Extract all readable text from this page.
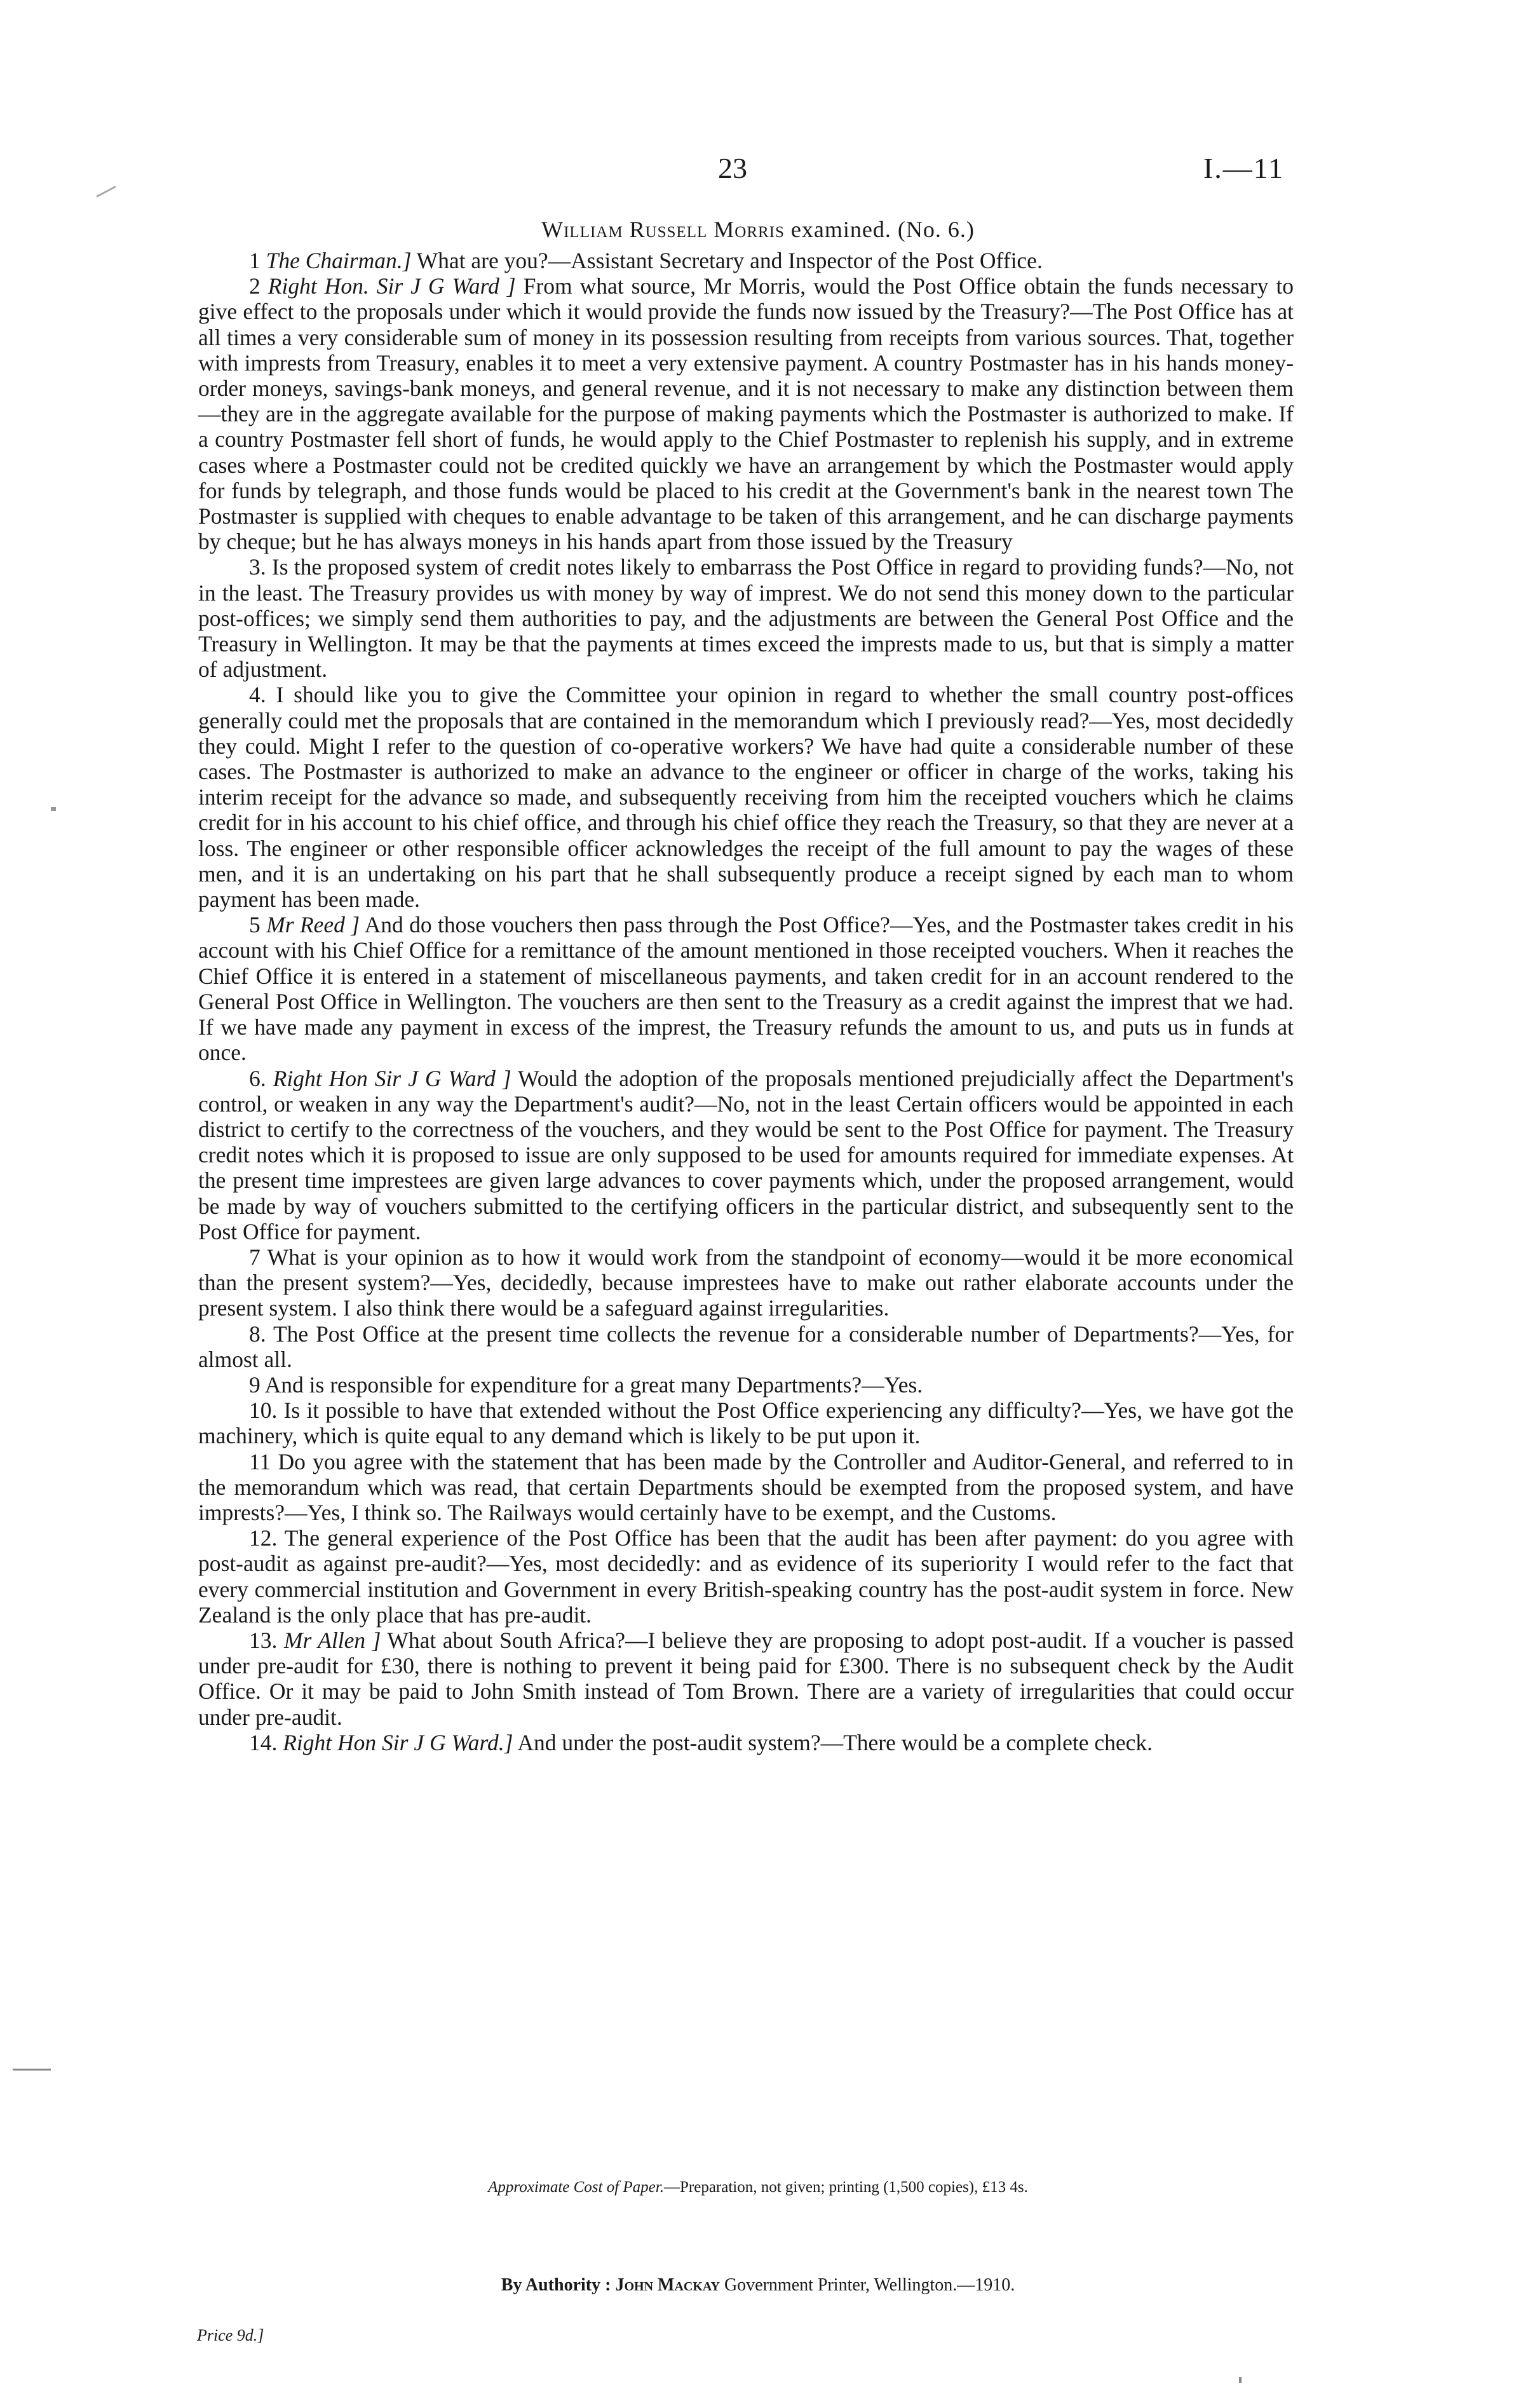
23	I.—11
William Russell Morris examined. (No. 6.)

1 The Chairman.] What are you?—Assistant Secretary and Inspector of the Post Office.

2 Right Hon. Sir J G Ward ] From what source, Mr Morris, would the Post Office obtain the funds necessary to give effect to the proposals under which it would provide the funds now issued by the Treasury?—The Post Office has at all times a very considerable sum of money in its possession resulting from receipts from various sources. That, together with imprests from Treasury, enables it to meet a very extensive payment. A country Postmaster has in his hands money-order moneys, savings-bank moneys, and general revenue, and it is not necessary to make any distinction between them—they are in the aggregate available for the purpose of making payments which the Postmaster is authorized to make. If a country Postmaster fell short of funds, he would apply to the Chief Postmaster to replenish his supply, and in extreme cases where a Postmaster could not be credited quickly we have an arrangement by which the Postmaster would apply for funds by telegraph, and those funds would be placed to his credit at the Government's bank in the nearest town The Postmaster is supplied with cheques to enable advantage to be taken of this arrangement, and he can discharge payments by cheque; but he has always moneys in his hands apart from those issued by the Treasury

3. Is the proposed system of credit notes likely to embarrass the Post Office in regard to providing funds?—No, not in the least. The Treasury provides us with money by way of imprest. We do not send this money down to the particular post-offices; we simply send them authorities to pay, and the adjustments are between the General Post Office and the Treasury in Wellington. It may be that the payments at times exceed the imprests made to us, but that is simply a matter of adjustment.

4. I should like you to give the Committee your opinion in regard to whether the small country post-offices generally could met the proposals that are contained in the memorandum which I previously read?—Yes, most decidedly they could. Might I refer to the question of co-operative workers? We have had quite a considerable number of these cases. The Postmaster is authorized to make an advance to the engineer or officer in charge of the works, taking his interim receipt for the advance so made, and subsequently receiving from him the receipted vouchers which he claims credit for in his account to his chief office, and through his chief office they reach the Treasury, so that they are never at a loss. The engineer or other responsible officer acknowledges the receipt of the full amount to pay the wages of these men, and it is an undertaking on his part that he shall subsequently produce a receipt signed by each man to whom payment has been made.

5 Mr Reed ] And do those vouchers then pass through the Post Office?—Yes, and the Postmaster takes credit in his account with his Chief Office for a remittance of the amount mentioned in those receipted vouchers. When it reaches the Chief Office it is entered in a statement of miscellaneous payments, and taken credit for in an account rendered to the General Post Office in Wellington. The vouchers are then sent to the Treasury as a credit against the imprest that we had. If we have made any payment in excess of the imprest, the Treasury refunds the amount to us, and puts us in funds at once.

6. Right Hon Sir J G Ward ] Would the adoption of the proposals mentioned prejudicially affect the Department's control, or weaken in any way the Department's audit?—No, not in the least Certain officers would be appointed in each district to certify to the correctness of the vouchers, and they would be sent to the Post Office for payment. The Treasury credit notes which it is proposed to issue are only supposed to be used for amounts required for immediate expenses. At the present time imprestees are given large advances to cover payments which, under the proposed arrangement, would be made by way of vouchers submitted to the certifying officers in the particular district, and subsequently sent to the Post Office for payment.

7 What is your opinion as to how it would work from the standpoint of economy—would it be more economical than the present system?—Yes, decidedly, because imprestees have to make out rather elaborate accounts under the present system. I also think there would be a safeguard against irregularities.

8. The Post Office at the present time collects the revenue for a considerable number of Departments?—Yes, for almost all.

9 And is responsible for expenditure for a great many Departments?—Yes.

10. Is it possible to have that extended without the Post Office experiencing any difficulty?—Yes, we have got the machinery, which is quite equal to any demand which is likely to be put upon it.

11 Do you agree with the statement that has been made by the Controller and Auditor-General, and referred to in the memorandum which was read, that certain Departments should be exempted from the proposed system, and have imprests?—Yes, I think so. The Railways would certainly have to be exempt, and the Customs.

12. The general experience of the Post Office has been that the audit has been after payment: do you agree with post-audit as against pre-audit?—Yes, most decidedly: and as evidence of its superiority I would refer to the fact that every commercial institution and Government in every British-speaking country has the post-audit system in force. New Zealand is the only place that has pre-audit.

13. Mr Allen ] What about South Africa?—I believe they are proposing to adopt post-audit. If a voucher is passed under pre-audit for £30, there is nothing to prevent it being paid for £300. There is no subsequent check by the Audit Office. Or it may be paid to John Smith instead of Tom Brown. There are a variety of irregularities that could occur under pre-audit.

14. Right Hon Sir J G Ward.] And under the post-audit system?—There would be a complete check.

Approximate Cost of Paper.—Preparation, not given; printing (1,500 copies), £13 4s.
By Authority : John Mackay Government Printer, Wellington.—1910.
Price 9d.]
